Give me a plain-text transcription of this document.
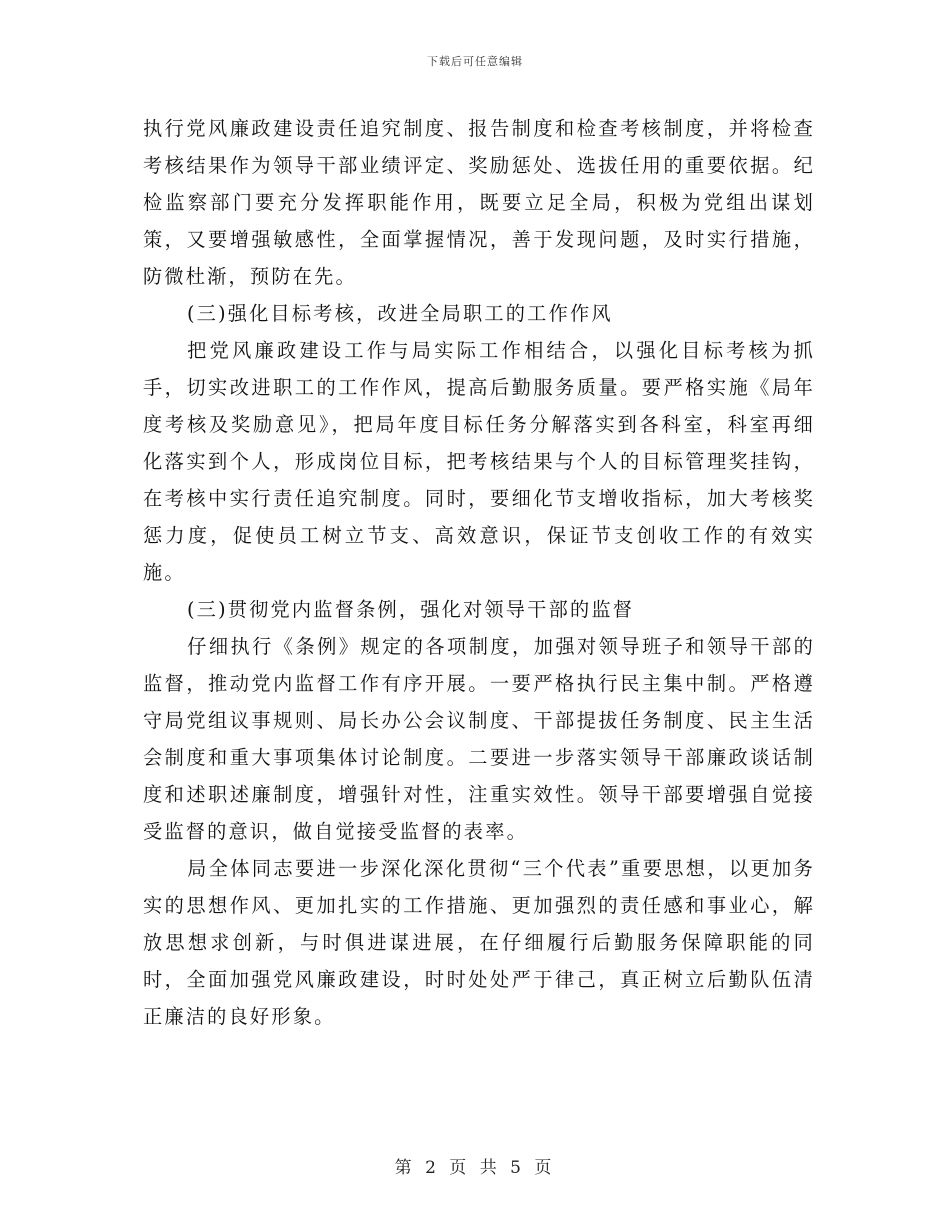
下载后可任意编辑

执行党风廉政建设责任追究制度、报告制度和检查考核制度，并将检查考核结果作为领导干部业绩评定、奖励惩处、选拔任用的重要依据。纪检监察部门要充分发挥职能作用，既要立足全局，积极为党组出谋划策，又要增强敏感性，全面掌握情况，善于发现问题，及时实行措施，防微杜渐，预防在先。

(三)强化目标考核，改进全局职工的工作作风

把党风廉政建设工作与局实际工作相结合，以强化目标考核为抓手，切实改进职工的工作作风，提高后勤服务质量。要严格实施《局年度考核及奖励意见》，把局年度目标任务分解落实到各科室，科室再细化落实到个人，形成岗位目标，把考核结果与个人的目标管理奖挂钩，在考核中实行责任追究制度。同时，要细化节支增收指标，加大考核奖惩力度，促使员工树立节支、高效意识，保证节支创收工作的有效实施。

(三)贯彻党内监督条例，强化对领导干部的监督

仔细执行《条例》规定的各项制度，加强对领导班子和领导干部的监督，推动党内监督工作有序开展。一要严格执行民主集中制。严格遵守局党组议事规则、局长办公会议制度、干部提拔任务制度、民主生活会制度和重大事项集体讨论制度。二要进一步落实领导干部廉政谈话制度和述职述廉制度，增强针对性，注重实效性。领导干部要增强自觉接受监督的意识，做自觉接受监督的表率。

局全体同志要进一步深化深化贯彻“三个代表”重要思想，以更加务实的思想作风、更加扎实的工作措施、更加强烈的责任感和事业心，解放思想求创新，与时俱进谋进展，在仔细履行后勤服务保障职能的同时，全面加强党风廉政建设，时时处处严于律己，真正树立后勤队伍清正廉洁的良好形象。

第 2 页 共 5 页
